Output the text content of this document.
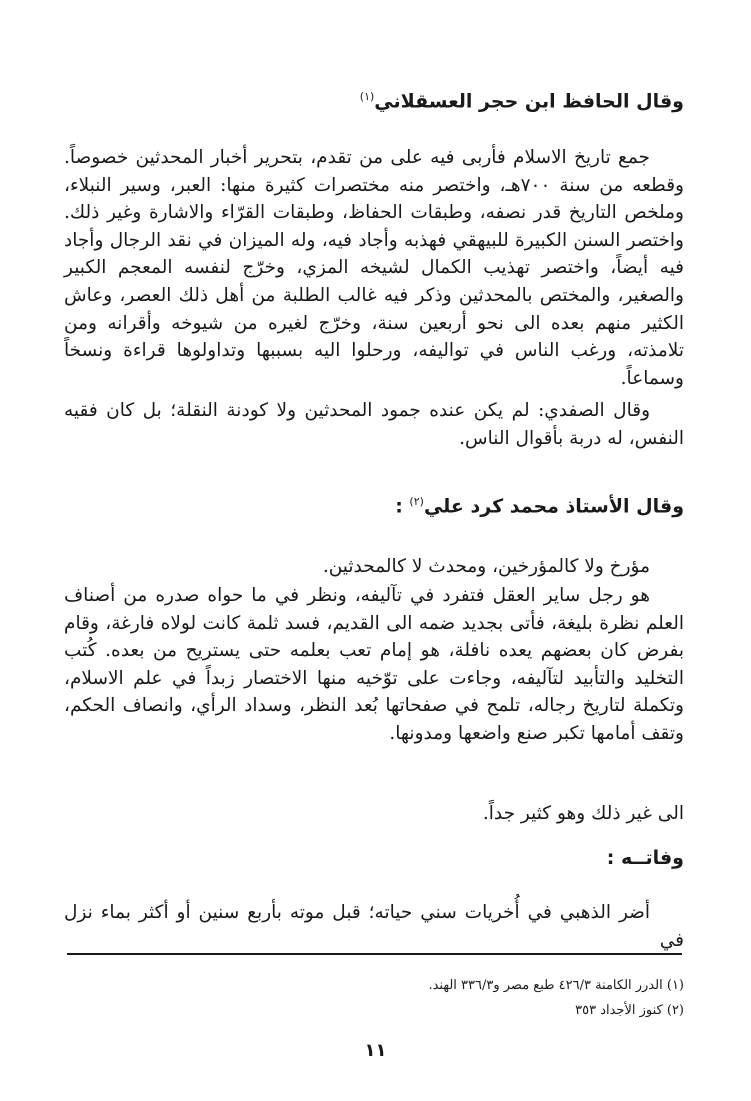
وقال الحافظ ابن حجر العسقلاني$^{(١)}$

جمع تاريخ الاسلام فأربى فيه على من تقدم، بتحرير أخبار المحدثين خصوصاً. وقطعه من سنة ٧٠٠هـ، واختصر منه مختصرات كثيرة منها: العبر، وسير النبلاء، وملخص التاريخ قدر نصفه، وطبقات الحفاظ، وطبقات القرّاء والاشارة وغير ذلك. واختصر السنن الكبيرة للبيهقي فهذبه وأجاد فيه، وله الميزان في نقد الرجال وأجاد فيه أيضاً، واختصر تهذيب الكمال لشيخه المزي، وخرّج لنفسه المعجم الكبير والصغير، والمختص بالمحدثين وذكر فيه غالب الطلبة من أهل ذلك العصر، وعاش الكثير منهم بعده الى نحو أربعين سنة، وخرّج لغيره من شيوخه وأقرانه ومن تلامذته، ورغب الناس في تواليفه، ورحلوا اليه بسببها وتداولوها قراءة ونسخاً وسماعاً.

وقال الصفدي: لم يكن عنده جمود المحدثين ولا كودنة النقلة؛ بل كان فقيه النفس، له دربة بأقوال الناس.

وقال الأستاذ محمد كرد علي$^{(٢)}$ :

مؤرخ ولا كالمؤرخين، ومحدث لا كالمحدثين.

هو رجل ساير العقل فتفرد في تآليفه، ونظر في ما حواه صدره من أصناف العلم نظرة بليغة، فأتى بجديد ضمه الى القديم، فسد ثلمة كانت لولاه فارغة، وقام بفرض كان بعضهم يعده نافلة، هو إمام تعب بعلمه حتى يستريح من بعده. كُتب التخليد والتأبيد لتآليفه، وجاءت على توّخيه منها الاختصار زبداً في علم الاسلام، وتكملة لتاريخ رجاله، تلمح في صفحاتها بُعد النظر، وسداد الرأي، وانصاف الحكم، وتقف أمامها تكبر صنع واضعها ومدونها.

الى غير ذلك وهو كثير جداً.

وفاتــه :

أضر الذهبي في أُخريات سني حياته؛ قبل موته بأربع سنين أو أكثر بماء نزل في

(١) الدرر الكامنة ٤٢٦/٣ طبع مصر و٣٣٦/٣ الهند.
(٢) كنوز الأجداد ٣٥٣
١١
